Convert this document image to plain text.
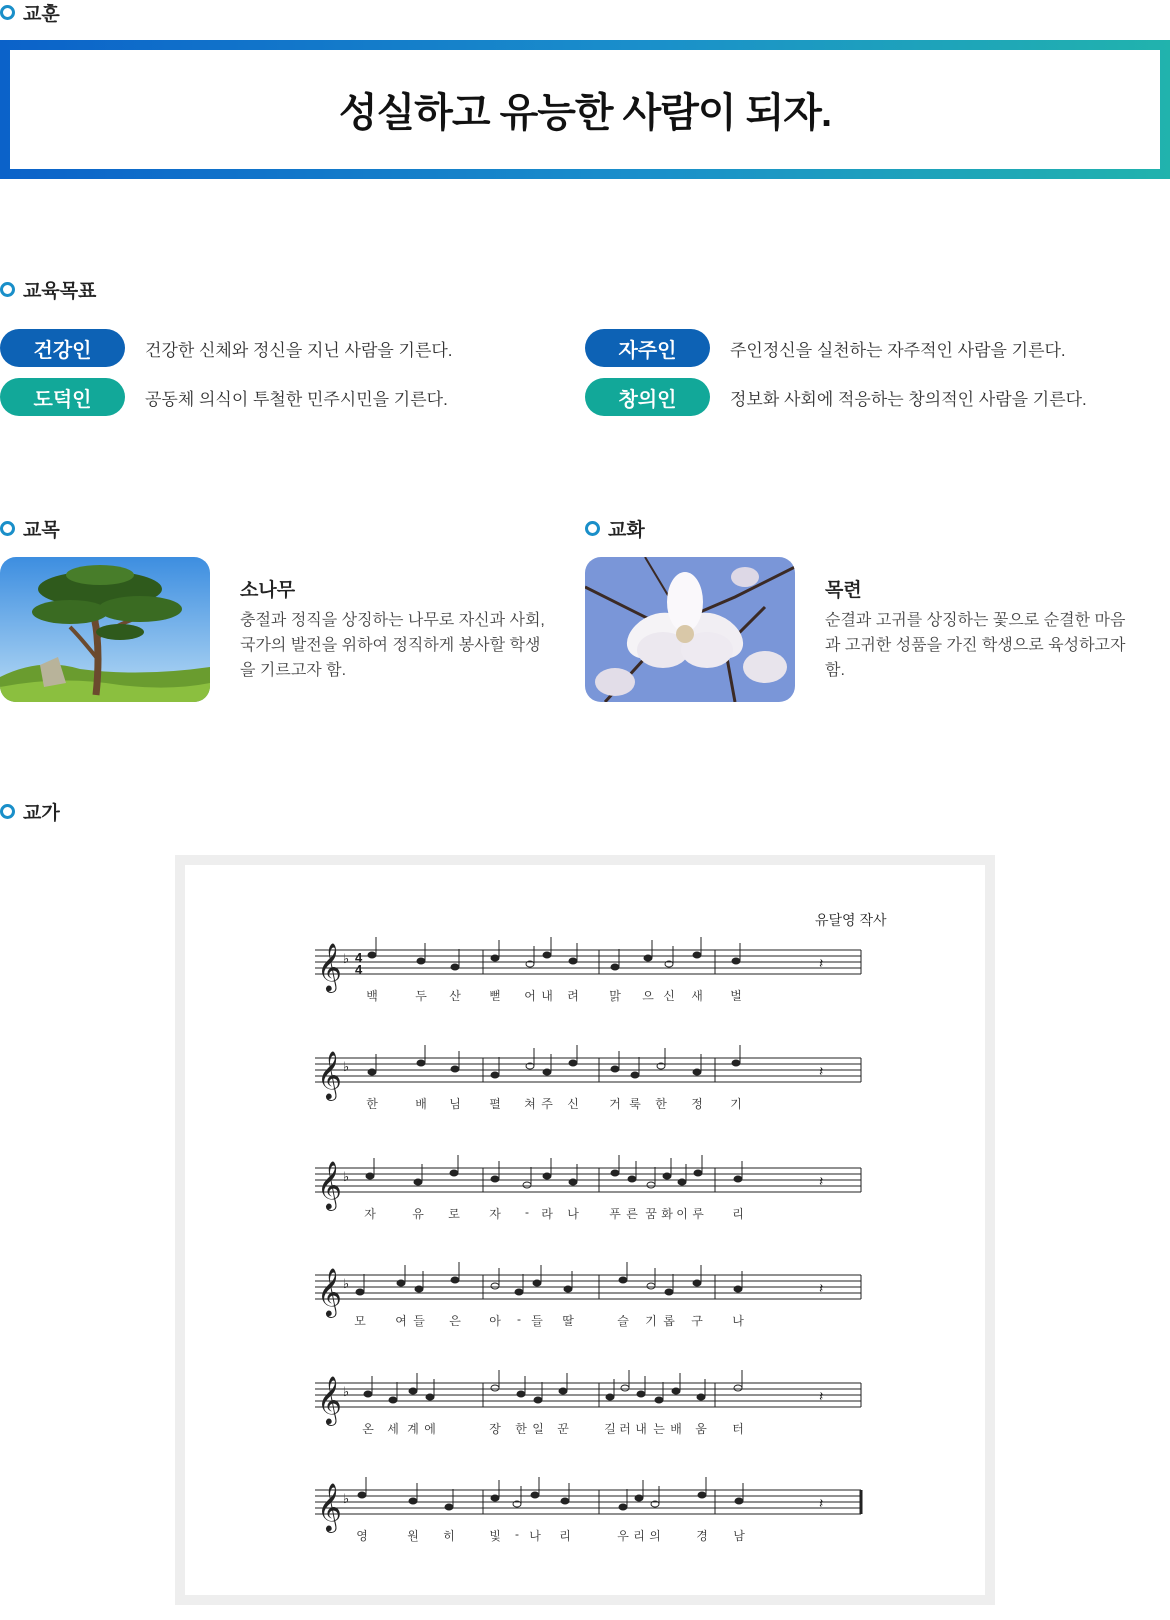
교훈
성실하고 유능한 사람이 되자.
교육목표
건강인	건강한 신체와 정신을 지닌 사람을 기른다.	자주인	주인정신을 실천하는 자주적인 사람을 기른다.
도덕인	공동체 의식이 투철한 민주시민을 기른다.	창의인	정보화 사회에 적응하는 창의적인 사람을 기른다.
교목
소나무
충절과 정직을 상징하는 나무로 자신과 사회, 국가의 발전을 위하여 정직하게 봉사할 학생을 기르고자 함.
교화
목련
순결과 고귀를 상징하는 꽃으로 순결한 마음과 고귀한 성품을 가진 학생으로 육성하고자 함.
교가
유달영 작사
𝄞 ♭ 4
4	𝄽
백	두 산 뻗 어 내 려	맑 으 신 새 벌
𝄞 ♭	𝄽
한	배 님 펼 쳐 주 신	거 룩 한 정 기
𝄞 ♭	𝄽
자	유 로 자 - 라 나	푸 른 꿈 화 이 루 리
𝄞 ♭	𝄽
모 여 들 은 아 - 들 딸	슬 기 롭 구 나
𝄞 ♭	𝄽
온 세 계 에	장 한 일 꾼	길 러 내 는 배 움 터
𝄞 ♭	𝄽
영	원 히	빛 - 나 리	우 리 의	경 남
